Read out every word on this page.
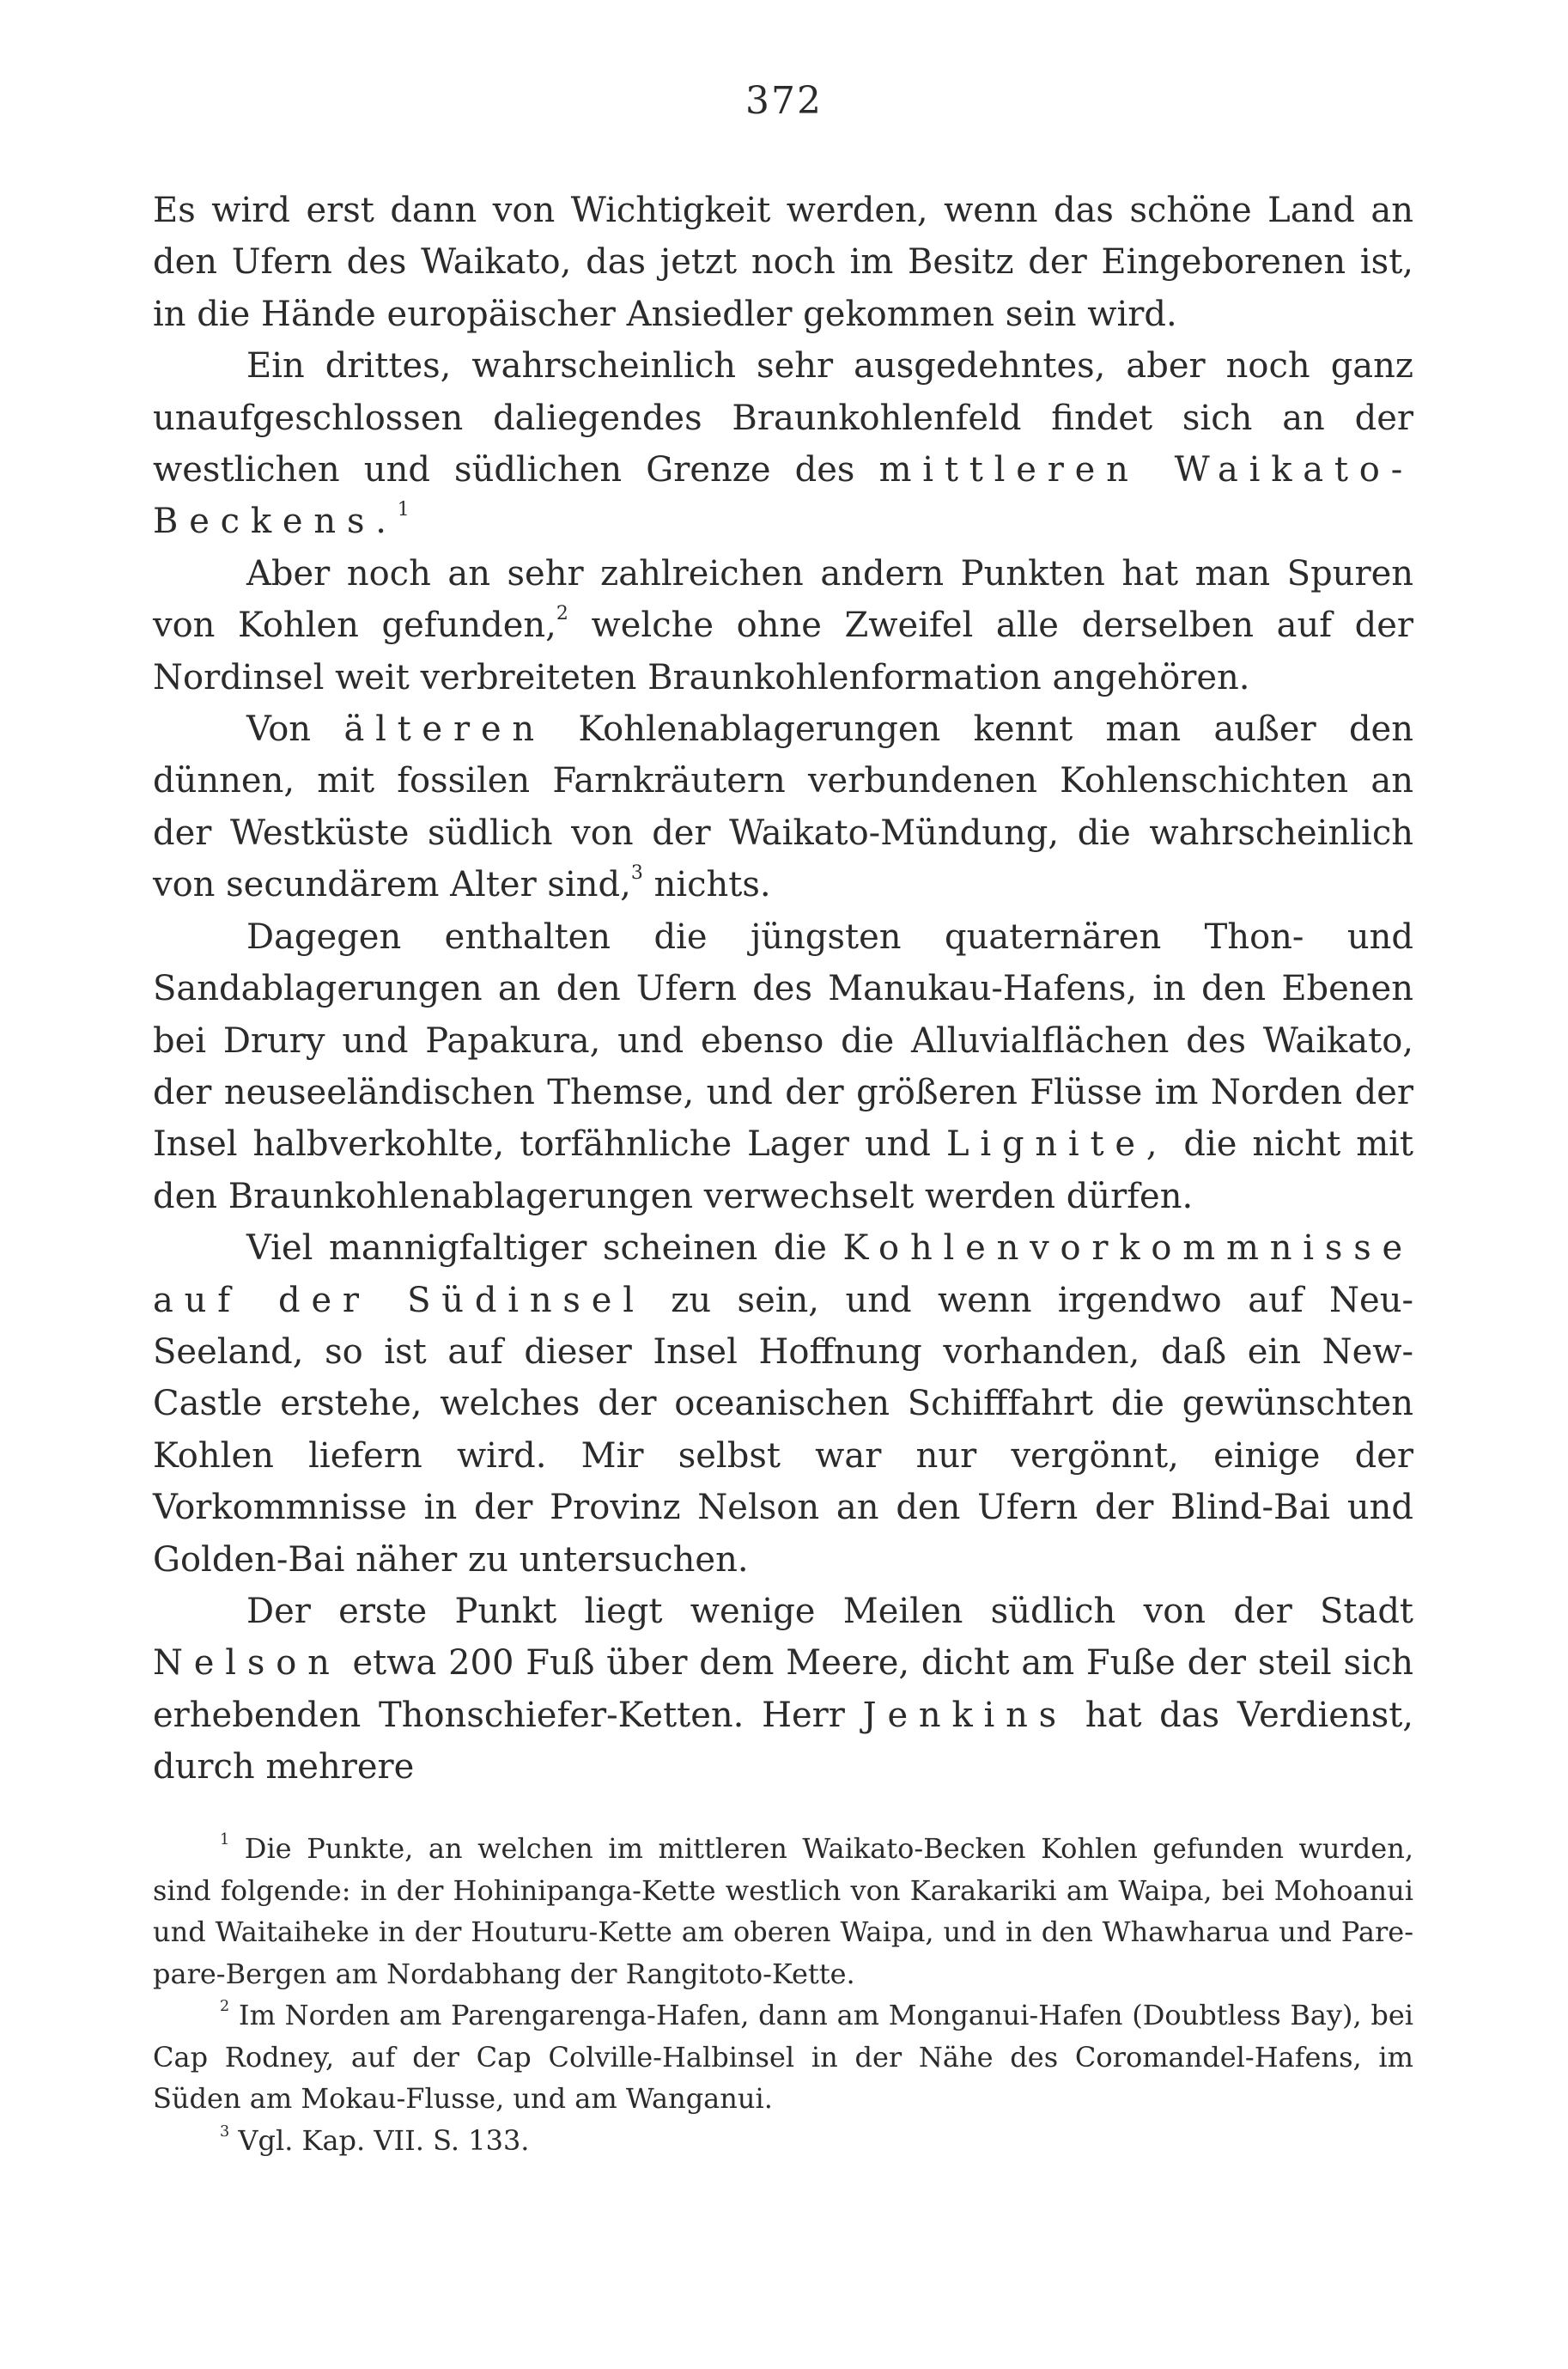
372

Es wird erst dann von Wichtigkeit werden, wenn das schöne Land an den Ufern des Waikato, das jetzt noch im Besitz der Eingeborenen ist, in die Hände europäischer Ansiedler gekommen sein wird.

Ein drittes, wahrscheinlich sehr ausgedehntes, aber noch ganz unaufgeschlossen daliegendes Braunkohlenfeld findet sich an der westlichen und südlichen Grenze des mittleren Waikato-Beckens.$^1$

Aber noch an sehr zahlreichen andern Punkten hat man Spuren von Kohlen gefunden,$^2$ welche ohne Zweifel alle derselben auf der Nordinsel weit verbreiteten Braunkohlenformation angehören.

Von älteren Kohlenablagerungen kennt man außer den dünnen, mit fossilen Farnkräutern verbundenen Kohlenschichten an der Westküste südlich von der Waikato-Mündung, die wahrscheinlich von secundärem Alter sind,$^3$ nichts.

Dagegen enthalten die jüngsten quaternären Thon- und Sandablagerungen an den Ufern des Manukau-Hafens, in den Ebenen bei Drury und Papakura, und ebenso die Alluvialflächen des Waikato, der neuseeländischen Themse, und der größeren Flüsse im Norden der Insel halbverkohlte, torfähnliche Lager und Lignite, die nicht mit den Braunkohlenablagerungen verwechselt werden dürfen.

Viel mannigfaltiger scheinen die Kohlenvorkommnisse auf der Südinsel zu sein, und wenn irgendwo auf Neu-Seeland, so ist auf dieser Insel Hoffnung vorhanden, daß ein New-Castle erstehe, welches der oceanischen Schifffahrt die gewünschten Kohlen liefern wird. Mir selbst war nur vergönnt, einige der Vorkommnisse in der Provinz Nelson an den Ufern der Blind-Bai und Golden-Bai näher zu untersuchen.

Der erste Punkt liegt wenige Meilen südlich von der Stadt Nelson etwa 200 Fuß über dem Meere, dicht am Fuße der steil sich erhebenden Thonschiefer-Ketten. Herr Jenkins hat das Verdienst, durch mehrere

$^1$ Die Punkte, an welchen im mittleren Waikato-Becken Kohlen gefunden wurden, sind folgende: in der Hohinipanga-Kette westlich von Karakariki am Waipa, bei Mohoanui und Waitaiheke in der Houturu-Kette am oberen Waipa, und in den Whawharua und Pare-pare-Bergen am Nordabhang der Rangitoto-Kette.

$^2$ Im Norden am Parengarenga-Hafen, dann am Monganui-Hafen (Doubtless Bay), bei Cap Rodney, auf der Cap Colville-Halbinsel in der Nähe des Coromandel-Hafens, im Süden am Mokau-Flusse, und am Wanganui.

$^3$ Vgl. Kap. VII. S. 133.
